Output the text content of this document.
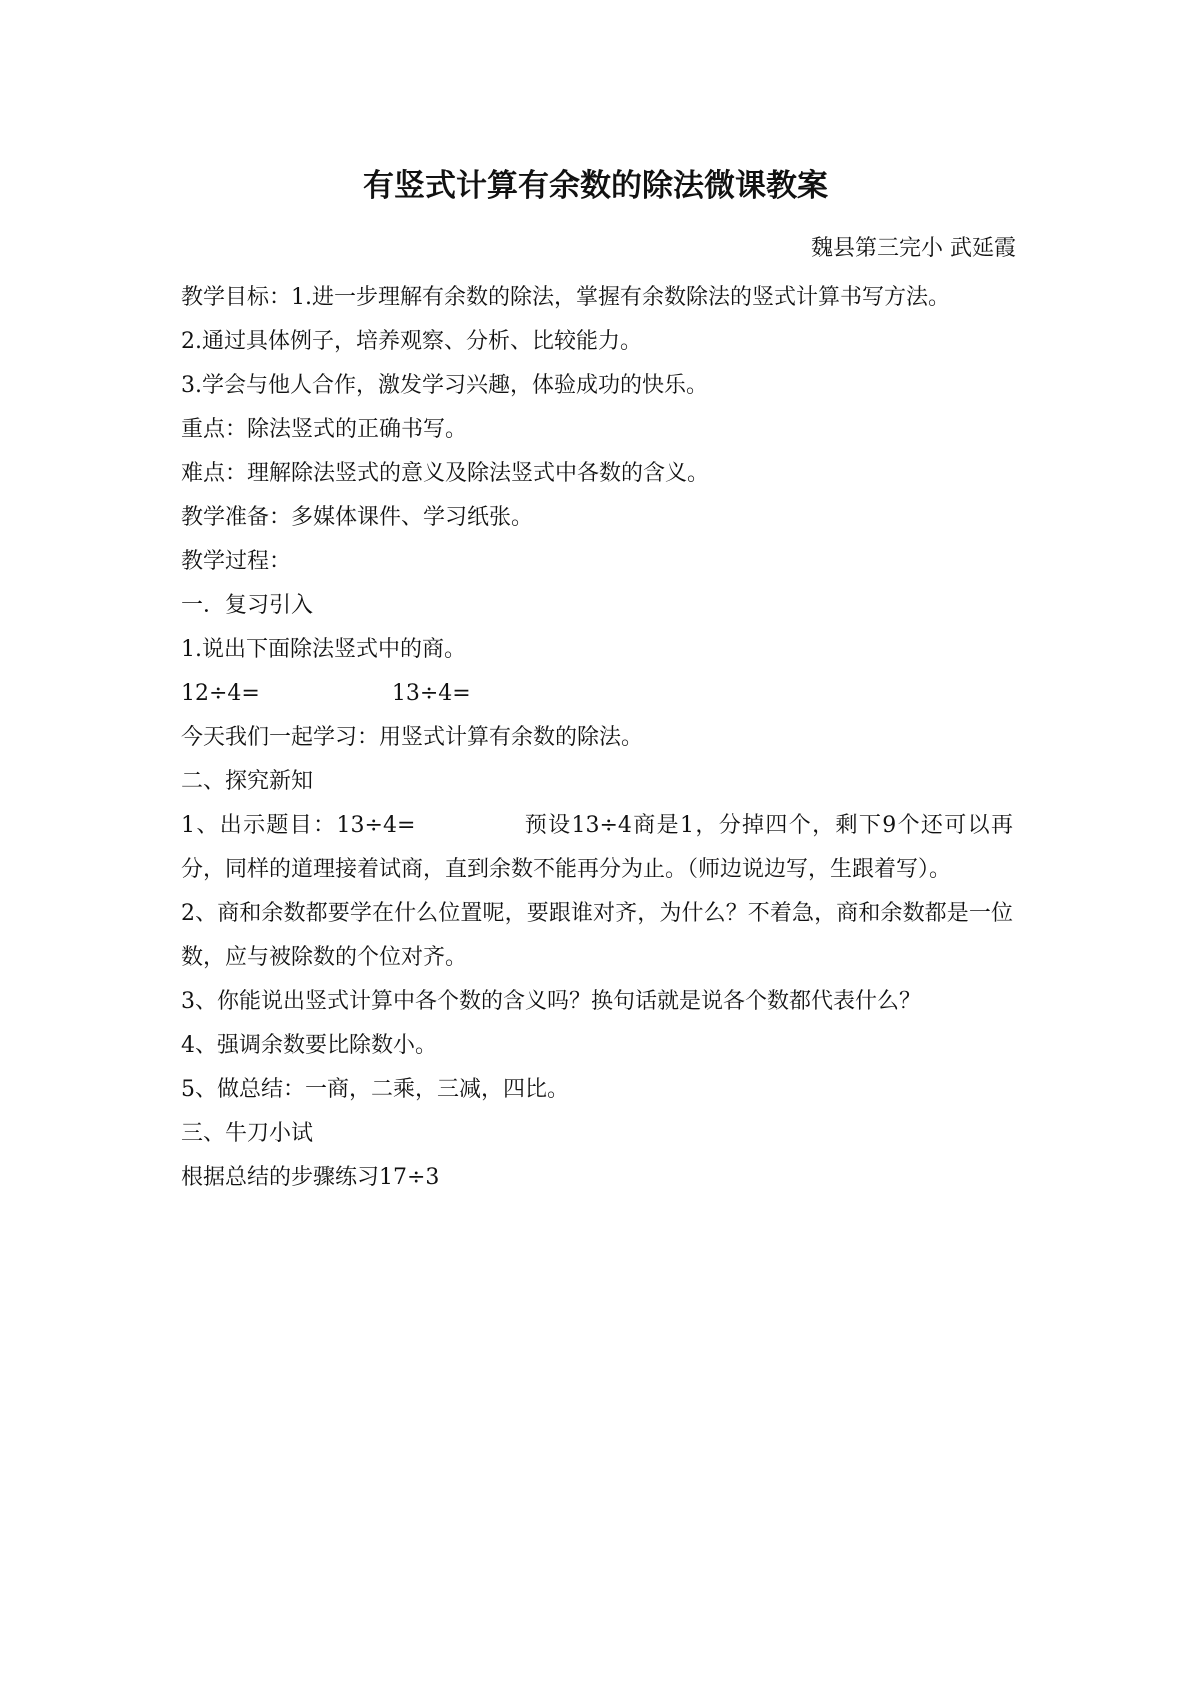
有竖式计算有余数的除法微课教案

魏县第三完小 武延霞

教学目标：1.进一步理解有余数的除法，掌握有余数除法的竖式计算书写方法。

2.通过具体例子，培养观察、分析、比较能力。

3.学会与他人合作，激发学习兴趣，体验成功的快乐。

重点：除法竖式的正确书写。

难点：理解除法竖式的意义及除法竖式中各数的含义。

教学准备：多媒体课件、学习纸张。

教学过程：

一．复习引入

1.说出下面除法竖式中的商。

12÷4=	13÷4=

今天我们一起学习：用竖式计算有余数的除法。

二、探究新知

1、出示题目：13÷4=	预设13÷4商是1，分掉四个，剩下9个还可以再分，同样的道理接着试商，直到余数不能再分为止。（师边说边写，生跟着写）。

2、商和余数都要学在什么位置呢，要跟谁对齐，为什么？不着急，商和余数都是一位数，应与被除数的个位对齐。

3、你能说出竖式计算中各个数的含义吗？换句话就是说各个数都代表什么？

4、强调余数要比除数小。

5、做总结：一商，二乘，三减，四比。

三、牛刀小试

根据总结的步骤练习17÷3
